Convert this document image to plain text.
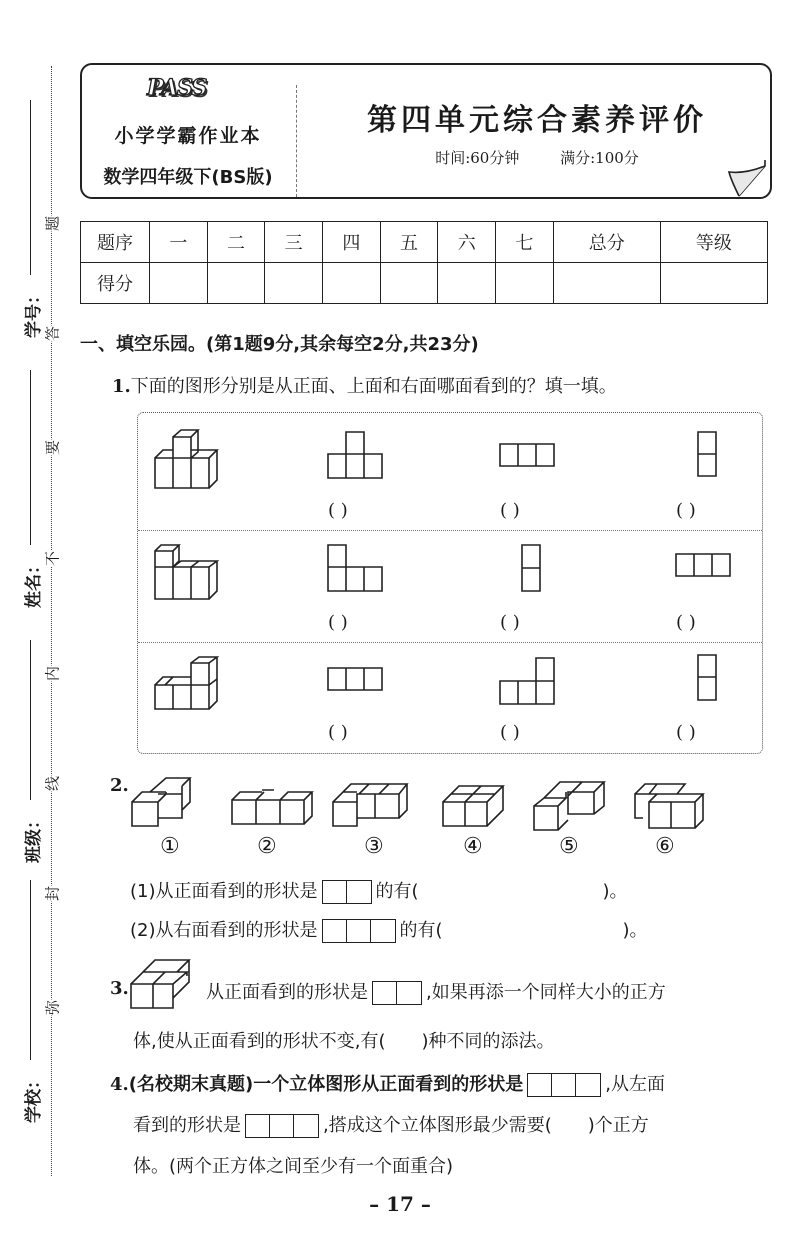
题
答
要
不
内
线
封
弥
学号：
姓名：
班级：
学校：
PASS
小学学霸作业本
数学四年级下(BS版)
第四单元综合素养评价
时间:60分钟	满分:100分
题序	一	二	三	四	五	六	七	总分	等级
得分									
一、填空乐园。(第1题9分,其余每空2分,共23分)
1.下面的图形分别是从正面、上面和右面哪面看到的？填一填。
( )	( )	( )
( )	( )	( )
( )	( )	( )
2.
①	②	③	④	⑤	⑥
(1)从正面看到的形状是	的有(	)。
(2)从右面看到的形状是	的有(	)。
3.	从正面看到的形状是	,如果再添一个同样大小的正方
体,使从正面看到的形状不变,有(　　)种不同的添法。
4.(名校期末真题)一个立体图形从正面看到的形状是	,从左面
看到的形状是	,搭成这个立体图形最少需要(　　)个正方
体。(两个正方体之间至少有一个面重合)
– 17 –
